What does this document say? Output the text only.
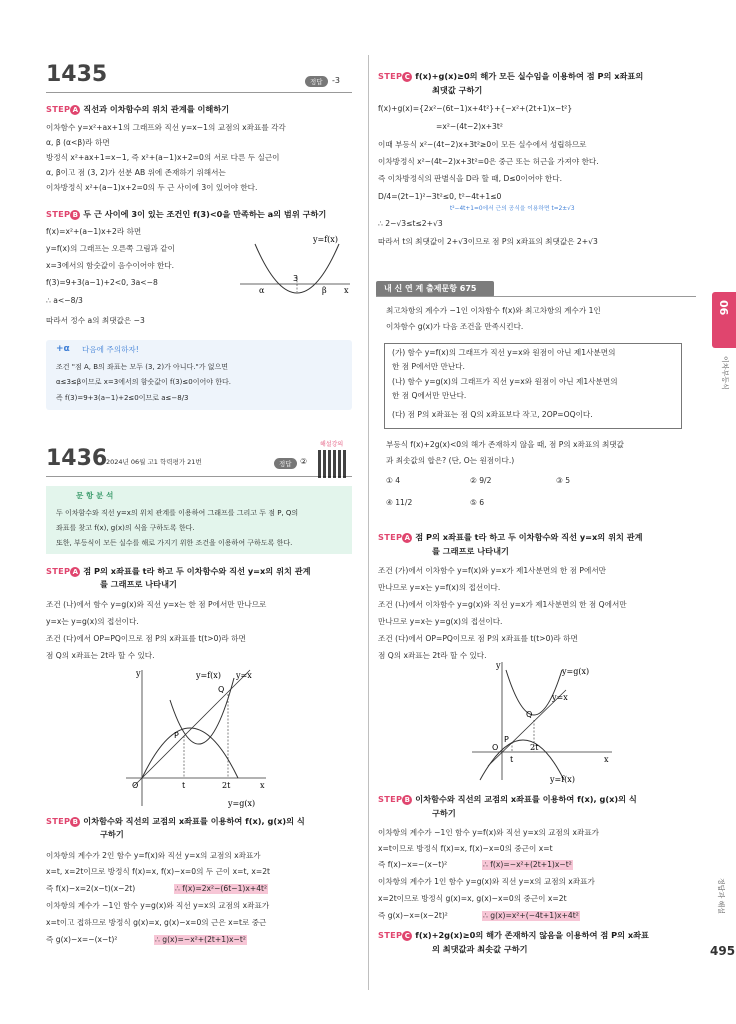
1435	정답	-3
STEP A 직선과 이차함수의 위치 관계를 이해하기
이차함수 y=x²+ax+1의 그래프와 직선 y=x−1의 교점의 x좌표를 각각
α, β (α<β)라 하면
방정식 x²+ax+1=x−1, 즉 x²+(a−1)x+2=0의 서로 다른 두 실근이
α, β이고 점 (3, 2)가 선분 AB 위에 존재하기 위해서는
이차방정식 x²+(a−1)x+2=0의 두 근 사이에 3이 있어야 한다.
STEP B 두 근 사이에 3이 있는 조건인 f(3)<0을 만족하는 a의 범위 구하기
f(x)=x²+(a−1)x+2라 하면
y=f(x)의 그래프는 오른쪽 그림과 같이
x=3에서의 함숫값이 음수이어야 한다.
f(3)=9+3(a−1)+2<0, 3a<−8
∴ a<−8/3
따라서 정수 a의 최댓값은 −3
y=f(x)
α
3
β x
+α 다음에 주의하자!
조건 "점 A, B의 좌표는 모두 (3, 2)가 아니다."가 없으면
α≤3≤β이므로 x=3에서의 함숫값이 f(3)≤0이어야 한다.
즉 f(3)=9+3(a−1)+2≤0이므로 a≤−8/3
1436
2024년 06월 고1 학력평가 21번	정답	②
해설강의
문 항 분 석
두 이차함수와 직선 y=x의 위치 관계를 이용하여 그래프를 그리고 두 점 P, Q의
좌표를 찾고 f(x), g(x)의 식을 구하도록 한다.
또한, 부등식이 모든 실수를 해로 가지기 위한 조건을 이용하여 구하도록 한다.
STEP A 점 P의 x좌표를 t라 하고 두 이차함수와 직선 y=x의 위치 관계
를 그래프로 나타내기
조건 (나)에서 함수 y=g(x)와 직선 y=x는 한 점 P에서만 만나므로
y=x는 y=g(x)의 접선이다.
조건 (다)에서 OP=PQ이므로 점 P의 x좌표를 t(t>0)라 하면
점 Q의 x좌표는 2t라 할 수 있다.
y
x
O	t	2t
P
Q
y=f(x) y=x
y=g(x)
STEP B 이차함수와 직선의 교점의 x좌표를 이용하여 f(x), g(x)의 식
구하기
이차항의 계수가 2인 함수 y=f(x)와 직선 y=x의 교점의 x좌표가
x=t, x=2t이므로 방정식 f(x)=x, f(x)−x=0의 두 근이 x=t, x=2t
즉 f(x)−x=2(x−t)(x−2t)	∴ f(x)=2x²−(6t−1)x+4t²
이차항의 계수가 −1인 함수 y=g(x)와 직선 y=x의 교점의 x좌표가
x=t이고 접하므로 방정식 g(x)=x, g(x)−x=0의 근은 x=t로 중근
즉 g(x)−x=−(x−t)²	∴ g(x)=−x²+(2t+1)x−t²
STEP C f(x)+g(x)≥0의 해가 모든 실수임을 이용하여 점 P의 x좌표의
최댓값 구하기
f(x)+g(x)={2x²−(6t−1)x+4t²}+{−x²+(2t+1)x−t²}
=x²−(4t−2)x+3t²
이때 부등식 x²−(4t−2)x+3t²≥0이 모든 실수에서 성립하므로
이차방정식 x²−(4t−2)x+3t²=0은 중근 또는 허근을 가져야 한다.
즉 이차방정식의 판별식을 D라 할 때, D≤0이어야 한다.
D/4=(2t−1)²−3t²≤0, t²−4t+1≤0
t²−4t+1=0에서 근의 공식을 이용하면 t=2±√3
∴ 2−√3≤t≤2+√3
따라서 t의 최댓값이 2+√3이므로 점 P의 x좌표의 최댓값은 2+√3
내 신 연 계 출제문항 675
최고차항의 계수가 −1인 이차함수 f(x)와 최고차항의 계수가 1인
이차함수 g(x)가 다음 조건을 만족시킨다.
(가) 함수 y=f(x)의 그래프가 직선 y=x와 원점이 아닌 제1사분면의
한 점 P에서만 만난다.
(나) 함수 y=g(x)의 그래프가 직선 y=x와 원점이 아닌 제1사분면의
한 점 Q에서만 만난다.
(다) 점 P의 x좌표는 점 Q의 x좌표보다 작고, 2OP=OQ이다.
부등식 f(x)+2g(x)<0의 해가 존재하지 않을 때, 점 P의 x좌표의 최댓값
과 최솟값의 합은? (단, O는 원점이다.)
① 4	② 9/2	③ 5
④ 11/2	⑤ 6
STEP A 점 P의 x좌표를 t라 하고 두 이차함수와 직선 y=x의 위치 관계
를 그래프로 나타내기
조건 (가)에서 이차함수 y=f(x)와 y=x가 제1사분면의 한 점 P에서만
만나므로 y=x는 y=f(x)의 접선이다.
조건 (나)에서 이차함수 y=g(x)와 직선 y=x가 제1사분면의 한 점 Q에서만
만나므로 y=x는 y=g(x)의 접선이다.
조건 (다)에서 OP=PQ이므로 점 P의 x좌표를 t(t>0)라 하면
점 Q의 x좌표는 2t라 할 수 있다.
y
x
O
t
2t
P
Q
y=g(x)
y=x
y=f(x)
STEP B 이차함수와 직선의 교점의 x좌표를 이용하여 f(x), g(x)의 식
구하기
이차항의 계수가 −1인 함수 y=f(x)와 직선 y=x의 교점의 x좌표가
x=t이므로 방정식 f(x)=x, f(x)−x=0의 중근이 x=t
즉 f(x)−x=−(x−t)²	∴ f(x)=−x²+(2t+1)x−t²
이차항의 계수가 1인 함수 y=g(x)와 직선 y=x의 교점의 x좌표가
x=2t이므로 방정식 g(x)=x, g(x)−x=0의 중근이 x=2t
즉 g(x)−x=(x−2t)²	∴ g(x)=x²+(−4t+1)x+4t²
STEP C f(x)+2g(x)≥0의 해가 존재하지 않음을 이용하여 점 P의 x좌표
의 최댓값과 최솟값 구하기
06
이차부등식
정답과 해설
495
